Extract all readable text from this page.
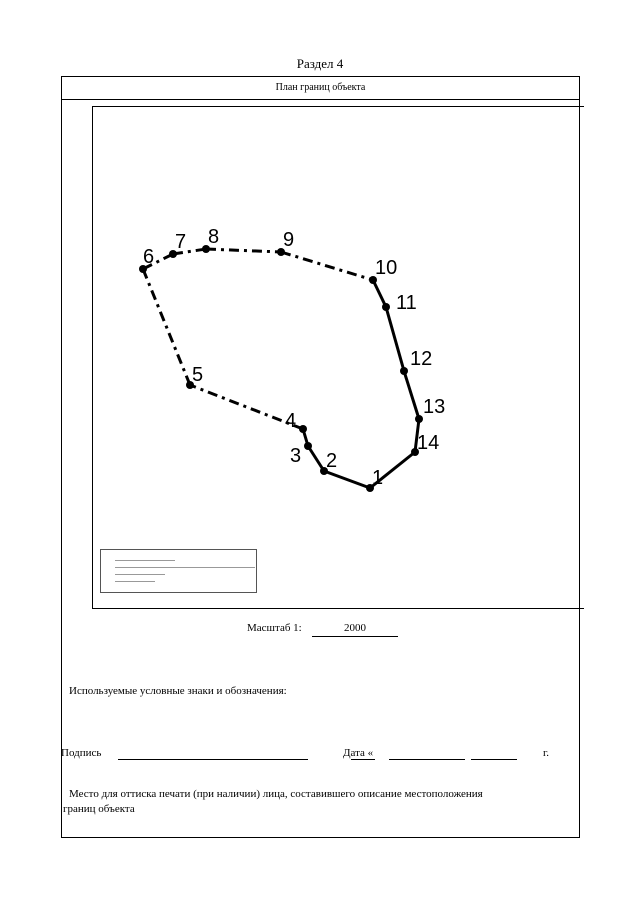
Раздел 4
План границ объекта
1
2
3
4
5
6
7 8	9
10
11
12
13
14
Масштаб 1:	2000
Используемые условные знаки и обозначения:
Подпись	Дата «	г.
Место для оттиска печати (при наличии) лица, составившего описание местоположения
границ объекта
